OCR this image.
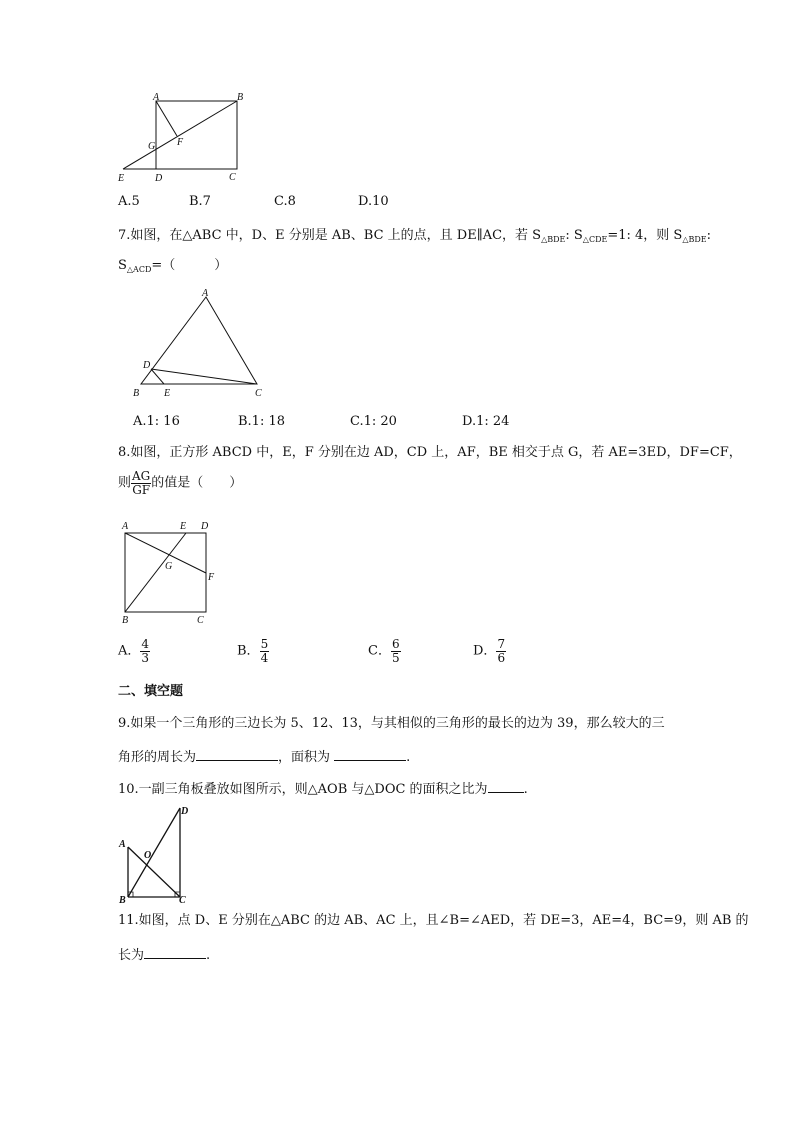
A	B
C
D
E
F
G
A.5	B.7	C.8	D.10
7.如图，在△ABC 中，D、E 分别是 AB、BC 上的点，且 DE∥AC，若 $S_{\triangle BDE}$: $S_{\triangle CDE}=1$: 4，则 $S_{\triangle BDE}$:
$S_{\triangle ACD}=$（　　　）
A
B	C
D
E
A.1: 16	B.1: 18	C.1: 20	D.1: 24
8.如图，正方形 ABCD 中，E，F 分别在边 AD，CD 上，AF，BE 相交于点 G，若 AE=3ED，DF=CF，
则 $\frac{AG}{GF}$ 的值是（　　）
A	E D
G
F
B	C
A． $\frac{4}{3}$	B． $\frac{5}{4}$	C． $\frac{6}{5}$	D． $\frac{7}{6}$
二、填空题
9.如果一个三角形的三边长为 5、12、13，与其相似的三角形的最长的边为 39，那么较大的三
角形的周长为	，面积为	.
10.一副三角板叠放如图所示，则△AOB 与△DOC 的面积之比为	.
A
O
D
B	C
11.如图，点 D、E 分别在△ABC 的边 AB、AC 上，且∠B=∠AED，若 DE=3，AE=4，BC=9，则 AB 的
长为	.
